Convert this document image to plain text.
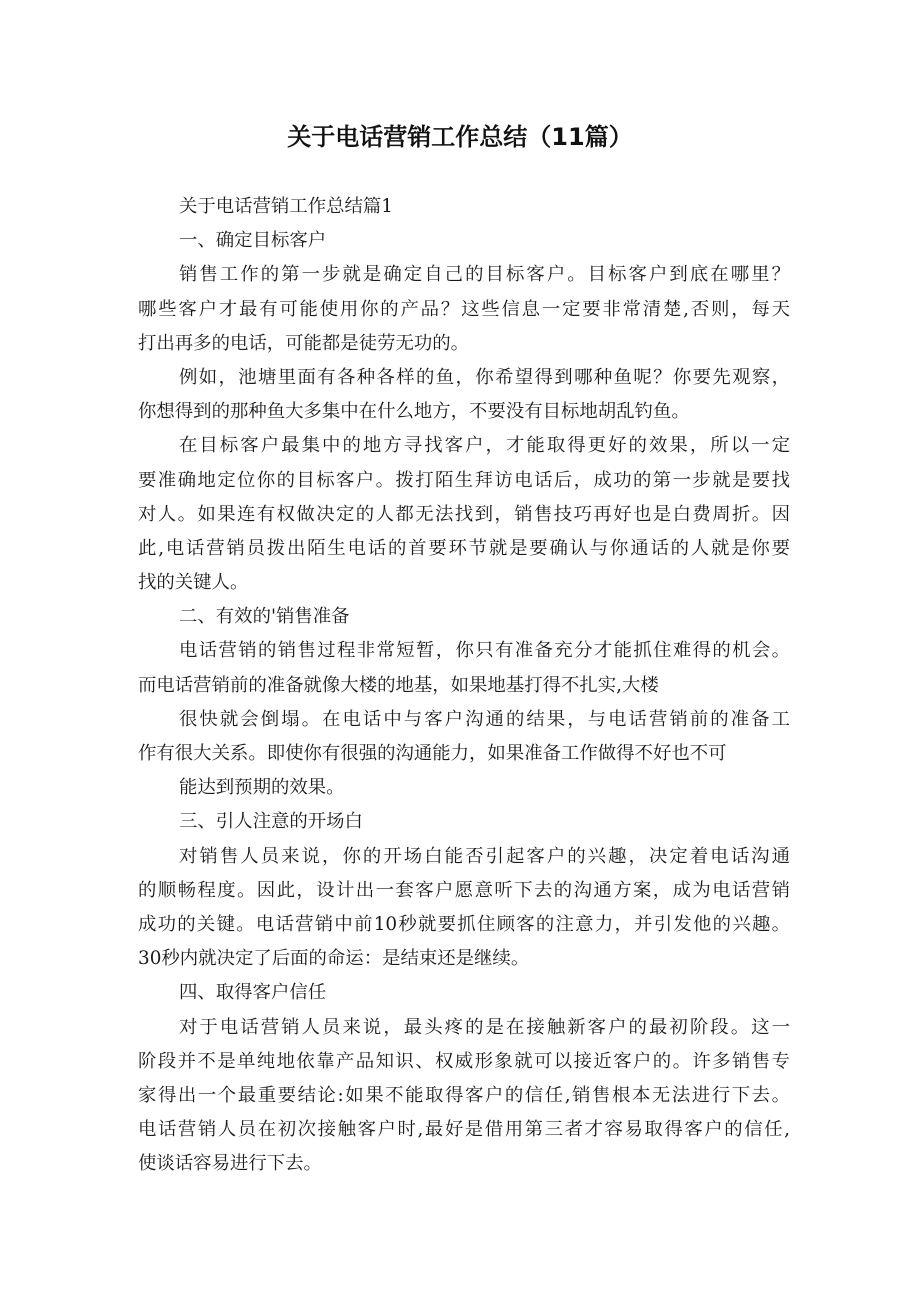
关于电话营销工作总结（11篇）
关于电话营销工作总结篇1
一、确定目标客户
销售工作的第一步就是确定自己的目标客户。目标客户到底在哪里？
哪些客户才最有可能使用你的产品？这些信息一定要非常清楚,否则，每天
打出再多的电话，可能都是徒劳无功的。
例如，池塘里面有各种各样的鱼，你希望得到哪种鱼呢？你要先观察，
你想得到的那种鱼大多集中在什么地方，不要没有目标地胡乱钓鱼。
在目标客户最集中的地方寻找客户，才能取得更好的效果，所以一定
要准确地定位你的目标客户。拨打陌生拜访电话后，成功的第一步就是要找
对人。如果连有权做决定的人都无法找到，销售技巧再好也是白费周折。因
此,电话营销员拨出陌生电话的首要环节就是要确认与你通话的人就是你要
找的关键人。
二、有效的'销售准备
电话营销的销售过程非常短暂，你只有准备充分才能抓住难得的机会。
而电话营销前的准备就像大楼的地基，如果地基打得不扎实,大楼
很快就会倒塌。在电话中与客户沟通的结果，与电话营销前的准备工
作有很大关系。即使你有很强的沟通能力，如果准备工作做得不好也不可
能达到预期的效果。
三、引人注意的开场白
对销售人员来说，你的开场白能否引起客户的兴趣，决定着电话沟通
的顺畅程度。因此，设计出一套客户愿意听下去的沟通方案，成为电话营销
成功的关键。电话营销中前10秒就要抓住顾客的注意力，并引发他的兴趣。
30秒内就决定了后面的命运：是结束还是继续。
四、取得客户信任
对于电话营销人员来说，最头疼的是在接触新客户的最初阶段。这一
阶段并不是单纯地依靠产品知识、权威形象就可以接近客户的。许多销售专
家得出一个最重要结论:如果不能取得客户的信任,销售根本无法进行下去。
电话营销人员在初次接触客户时,最好是借用第三者才容易取得客户的信任,
使谈话容易进行下去。
